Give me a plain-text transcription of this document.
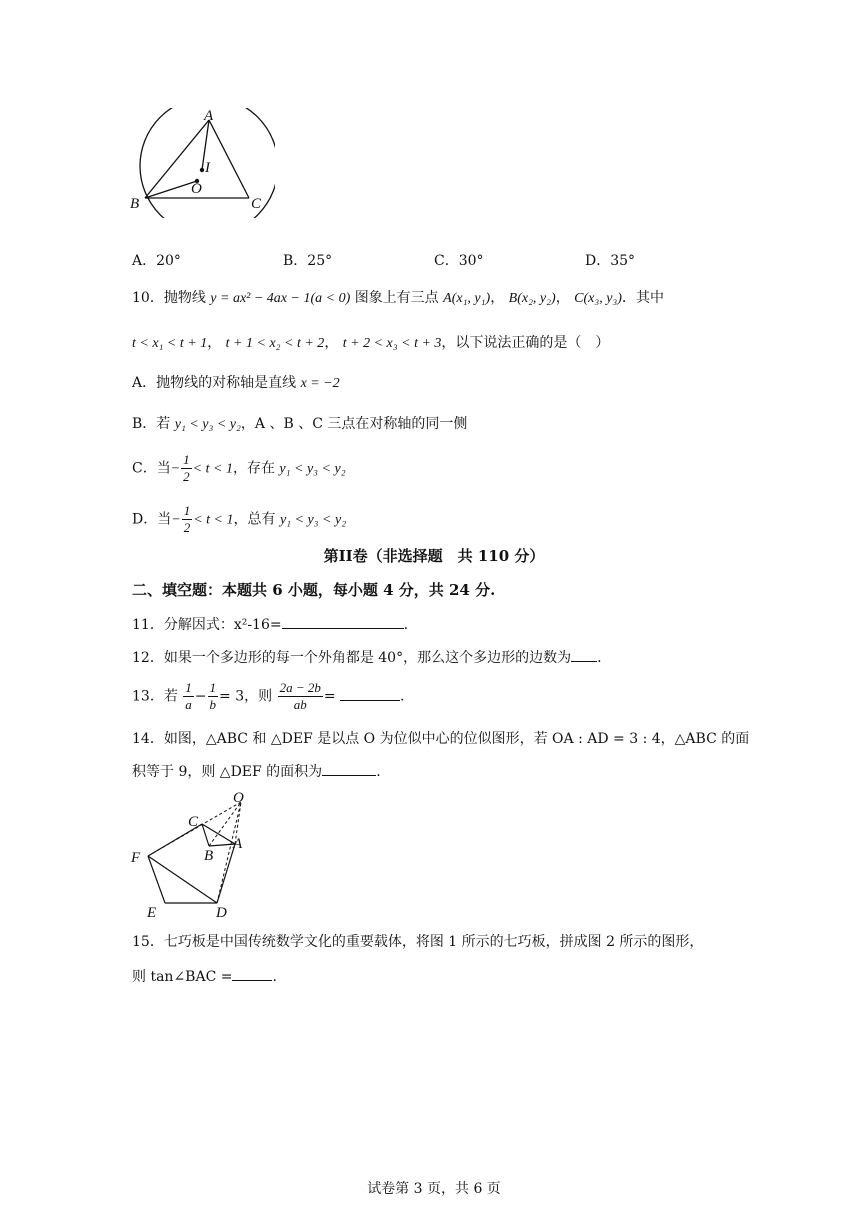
A
I
O
B	C
A．20°	B．25°	C．30°	D．35°
10．抛物线 y = ax² − 4ax − 1(a < 0) 图象上有三点 A(x₁, y₁)， B(x₂, y₂)， C(x₃, y₃)．其中
t < x₁ < t + 1， t + 1 < x₂ < t + 2， t + 2 < x₃ < t + 3，以下说法正确的是（　）
A．抛物线的对称轴是直线 x = −2
B．若 y₁ < y₃ < y₂，A 、B 、C 三点在对称轴的同一侧
C．当− $\frac{1}{2} < t < 1$，存在 y₁ < y₃ < y₂
D．当− $\frac{1}{2} < t < 1$，总有 y₁ < y₃ < y₂
第II卷（非选择题　共 110 分）
二、填空题：本题共 6 小题，每小题 4 分，共 24 分.
11．分解因式：x²-16=	.
12．如果一个多边形的每一个外角都是 40°，那么这个多边形的边数为 .
13．若 $\frac{1}{a} - \frac{1}{b} = 3$，则 $\frac{2a - 2b}{ab}$ =	.
14．如图，△ABC 和 △DEF 是以点 O 为位似中心的位似图形，若 OA : AD = 3 : 4，△ABC 的面
积等于 9，则 △DEF 的面积为	.
O
C
A
B
F
E	D
15．七巧板是中国传统数学文化的重要载体，将图 1 所示的七巧板，拼成图 2 所示的图形，
则 tan∠BAC =	.
试卷第 3 页，共 6 页
